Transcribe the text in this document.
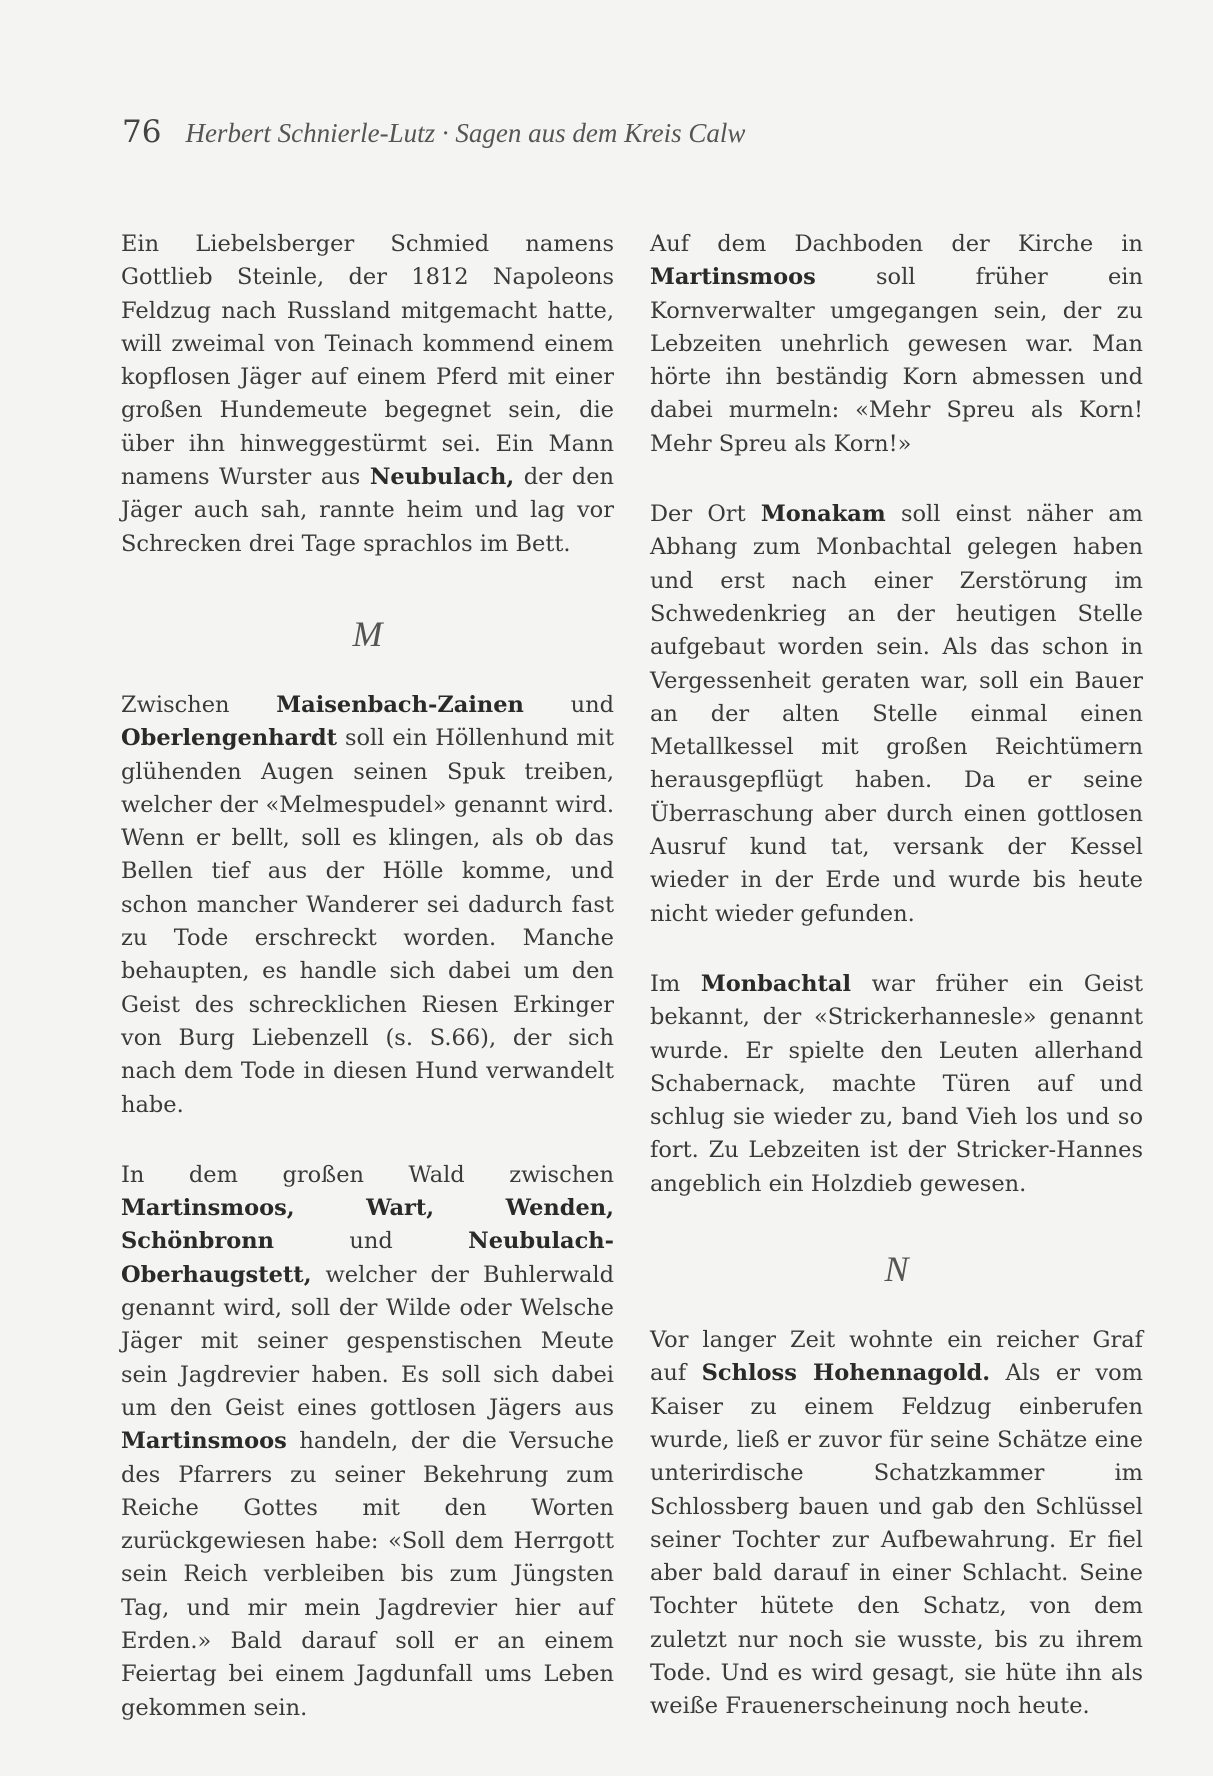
76 Herbert Schnierle-Lutz · Sagen aus dem Kreis Calw

Ein Liebelsberger Schmied namens Gottlieb Steinle, der 1812 Napoleons Feldzug nach Russland mitgemacht hatte, will zweimal von Teinach kommend einem kopflosen Jäger auf einem Pferd mit einer großen Hundemeute begegnet sein, die über ihn hinweggestürmt sei. Ein Mann namens Wurster aus Neubulach, der den Jäger auch sah, rannte heim und lag vor Schrecken drei Tage sprachlos im Bett.

M

Zwischen Maisenbach-Zainen und Oberlengenhardt soll ein Höllenhund mit glühenden Augen seinen Spuk treiben, welcher der «Melmespudel» genannt wird. Wenn er bellt, soll es klingen, als ob das Bellen tief aus der Hölle komme, und schon mancher Wanderer sei dadurch fast zu Tode erschreckt worden. Manche behaupten, es handle sich dabei um den Geist des schrecklichen Riesen Erkinger von Burg Liebenzell (s. S.66), der sich nach dem Tode in diesen Hund verwandelt habe.

In dem großen Wald zwischen Martinsmoos, Wart, Wenden, Schönbronn und Neubulach-Oberhaugstett, welcher der Buhlerwald genannt wird, soll der Wilde oder Welsche Jäger mit seiner gespenstischen Meute sein Jagdrevier haben. Es soll sich dabei um den Geist eines gottlosen Jägers aus Martinsmoos handeln, der die Versuche des Pfarrers zu seiner Bekehrung zum Reiche Gottes mit den Worten zurückgewiesen habe: «Soll dem Herrgott sein Reich verbleiben bis zum Jüngsten Tag, und mir mein Jagdrevier hier auf Erden.» Bald darauf soll er an einem Feiertag bei einem Jagdunfall ums Leben gekommen sein.

Auf dem Dachboden der Kirche in Martinsmoos soll früher ein Kornverwalter umgegangen sein, der zu Lebzeiten unehrlich gewesen war. Man hörte ihn beständig Korn abmessen und dabei murmeln: «Mehr Spreu als Korn! Mehr Spreu als Korn!»

Der Ort Monakam soll einst näher am Abhang zum Monbachtal gelegen haben und erst nach einer Zerstörung im Schwedenkrieg an der heutigen Stelle aufgebaut worden sein. Als das schon in Vergessenheit geraten war, soll ein Bauer an der alten Stelle einmal einen Metallkessel mit großen Reichtümern herausgepflügt haben. Da er seine Überraschung aber durch einen gottlosen Ausruf kund tat, versank der Kessel wieder in der Erde und wurde bis heute nicht wieder gefunden.

Im Monbachtal war früher ein Geist bekannt, der «Strickerhannesle» genannt wurde. Er spielte den Leuten allerhand Schabernack, machte Türen auf und schlug sie wieder zu, band Vieh los und so fort. Zu Lebzeiten ist der Stricker-Hannes angeblich ein Holzdieb gewesen.

N

Vor langer Zeit wohnte ein reicher Graf auf Schloss Hohennagold. Als er vom Kaiser zu einem Feldzug einberufen wurde, ließ er zuvor für seine Schätze eine unterirdische Schatzkammer im Schlossberg bauen und gab den Schlüssel seiner Tochter zur Aufbewahrung. Er fiel aber bald darauf in einer Schlacht. Seine Tochter hütete den Schatz, von dem zuletzt nur noch sie wusste, bis zu ihrem Tode. Und es wird gesagt, sie hüte ihn als weiße Frauenerscheinung noch heute.
